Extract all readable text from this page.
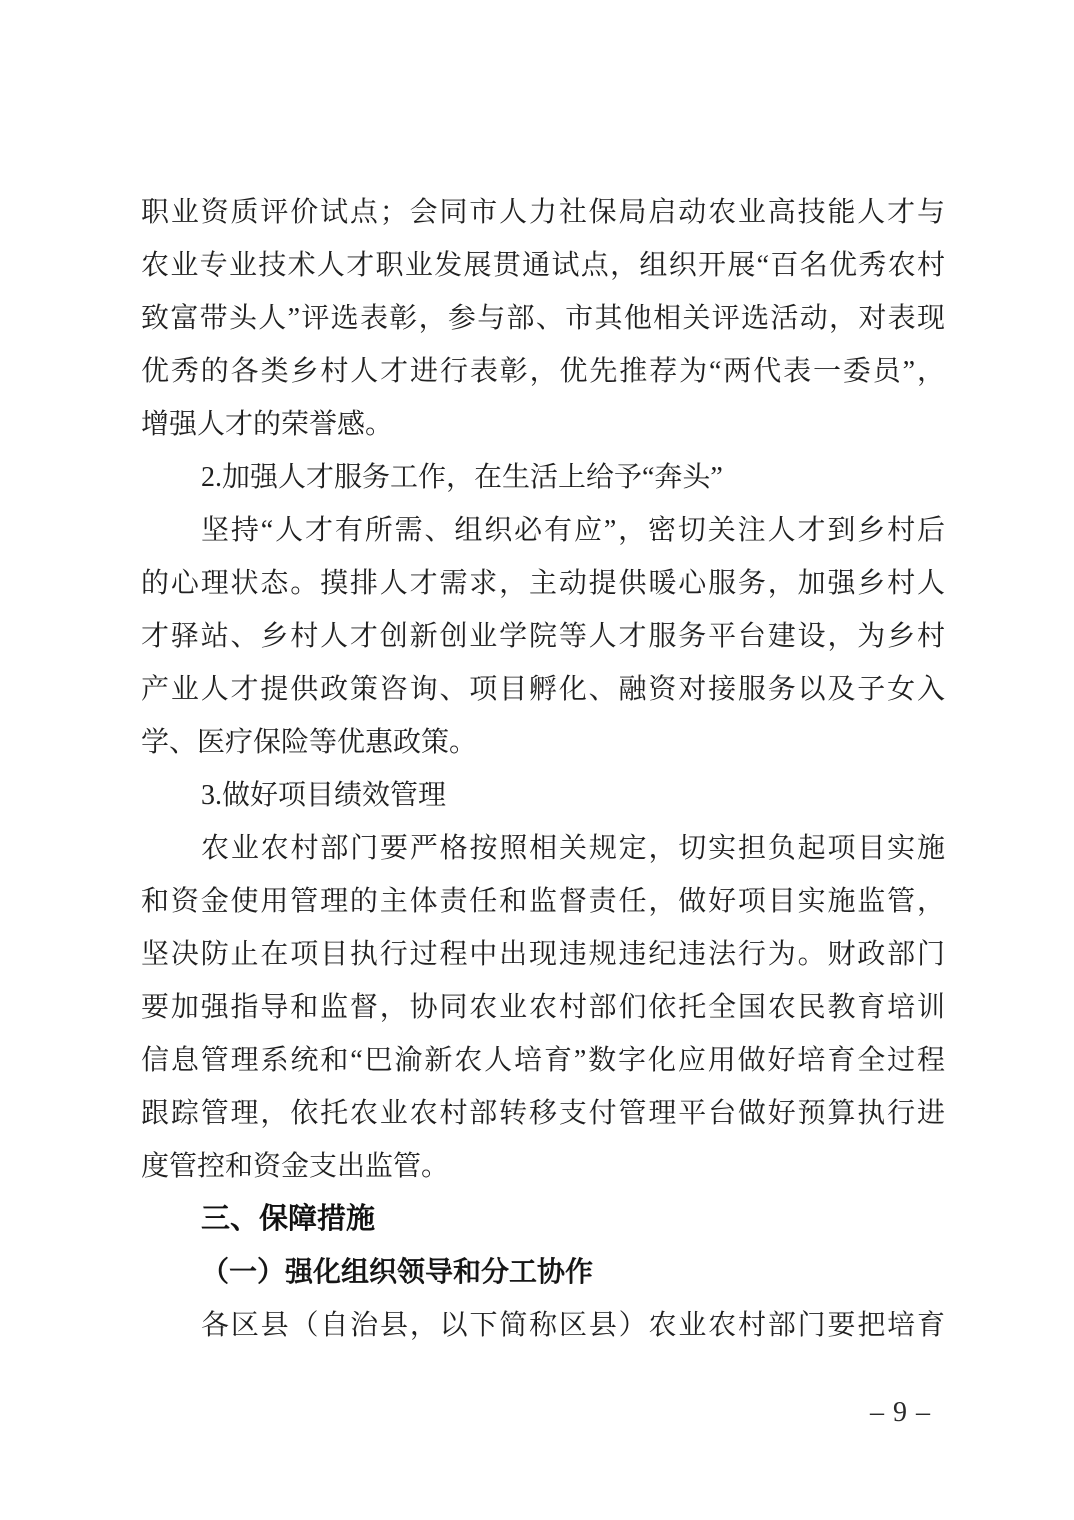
职业资质评价试点；会同市人力社保局启动农业高技能人才与
农业专业技术人才职业发展贯通试点，组织开展“百名优秀农村
致富带头人”评选表彰，参与部、市其他相关评选活动，对表现
优秀的各类乡村人才进行表彰，优先推荐为“两代表一委员”，
增强人才的荣誉感。
2.加强人才服务工作，在生活上给予“奔头”
坚持“人才有所需、组织必有应”，密切关注人才到乡村后
的心理状态。摸排人才需求，主动提供暖心服务，加强乡村人
才驿站、乡村人才创新创业学院等人才服务平台建设，为乡村
产业人才提供政策咨询、项目孵化、融资对接服务以及子女入
学、医疗保险等优惠政策。
3.做好项目绩效管理
农业农村部门要严格按照相关规定，切实担负起项目实施
和资金使用管理的主体责任和监督责任，做好项目实施监管，
坚决防止在项目执行过程中出现违规违纪违法行为。财政部门
要加强指导和监督，协同农业农村部们依托全国农民教育培训
信息管理系统和“巴渝新农人培育”数字化应用做好培育全过程
跟踪管理，依托农业农村部转移支付管理平台做好预算执行进
度管控和资金支出监管。
三、保障措施
（一）强化组织领导和分工协作
各区县（自治县，以下简称区县）农业农村部门要把培育
– 9 –
